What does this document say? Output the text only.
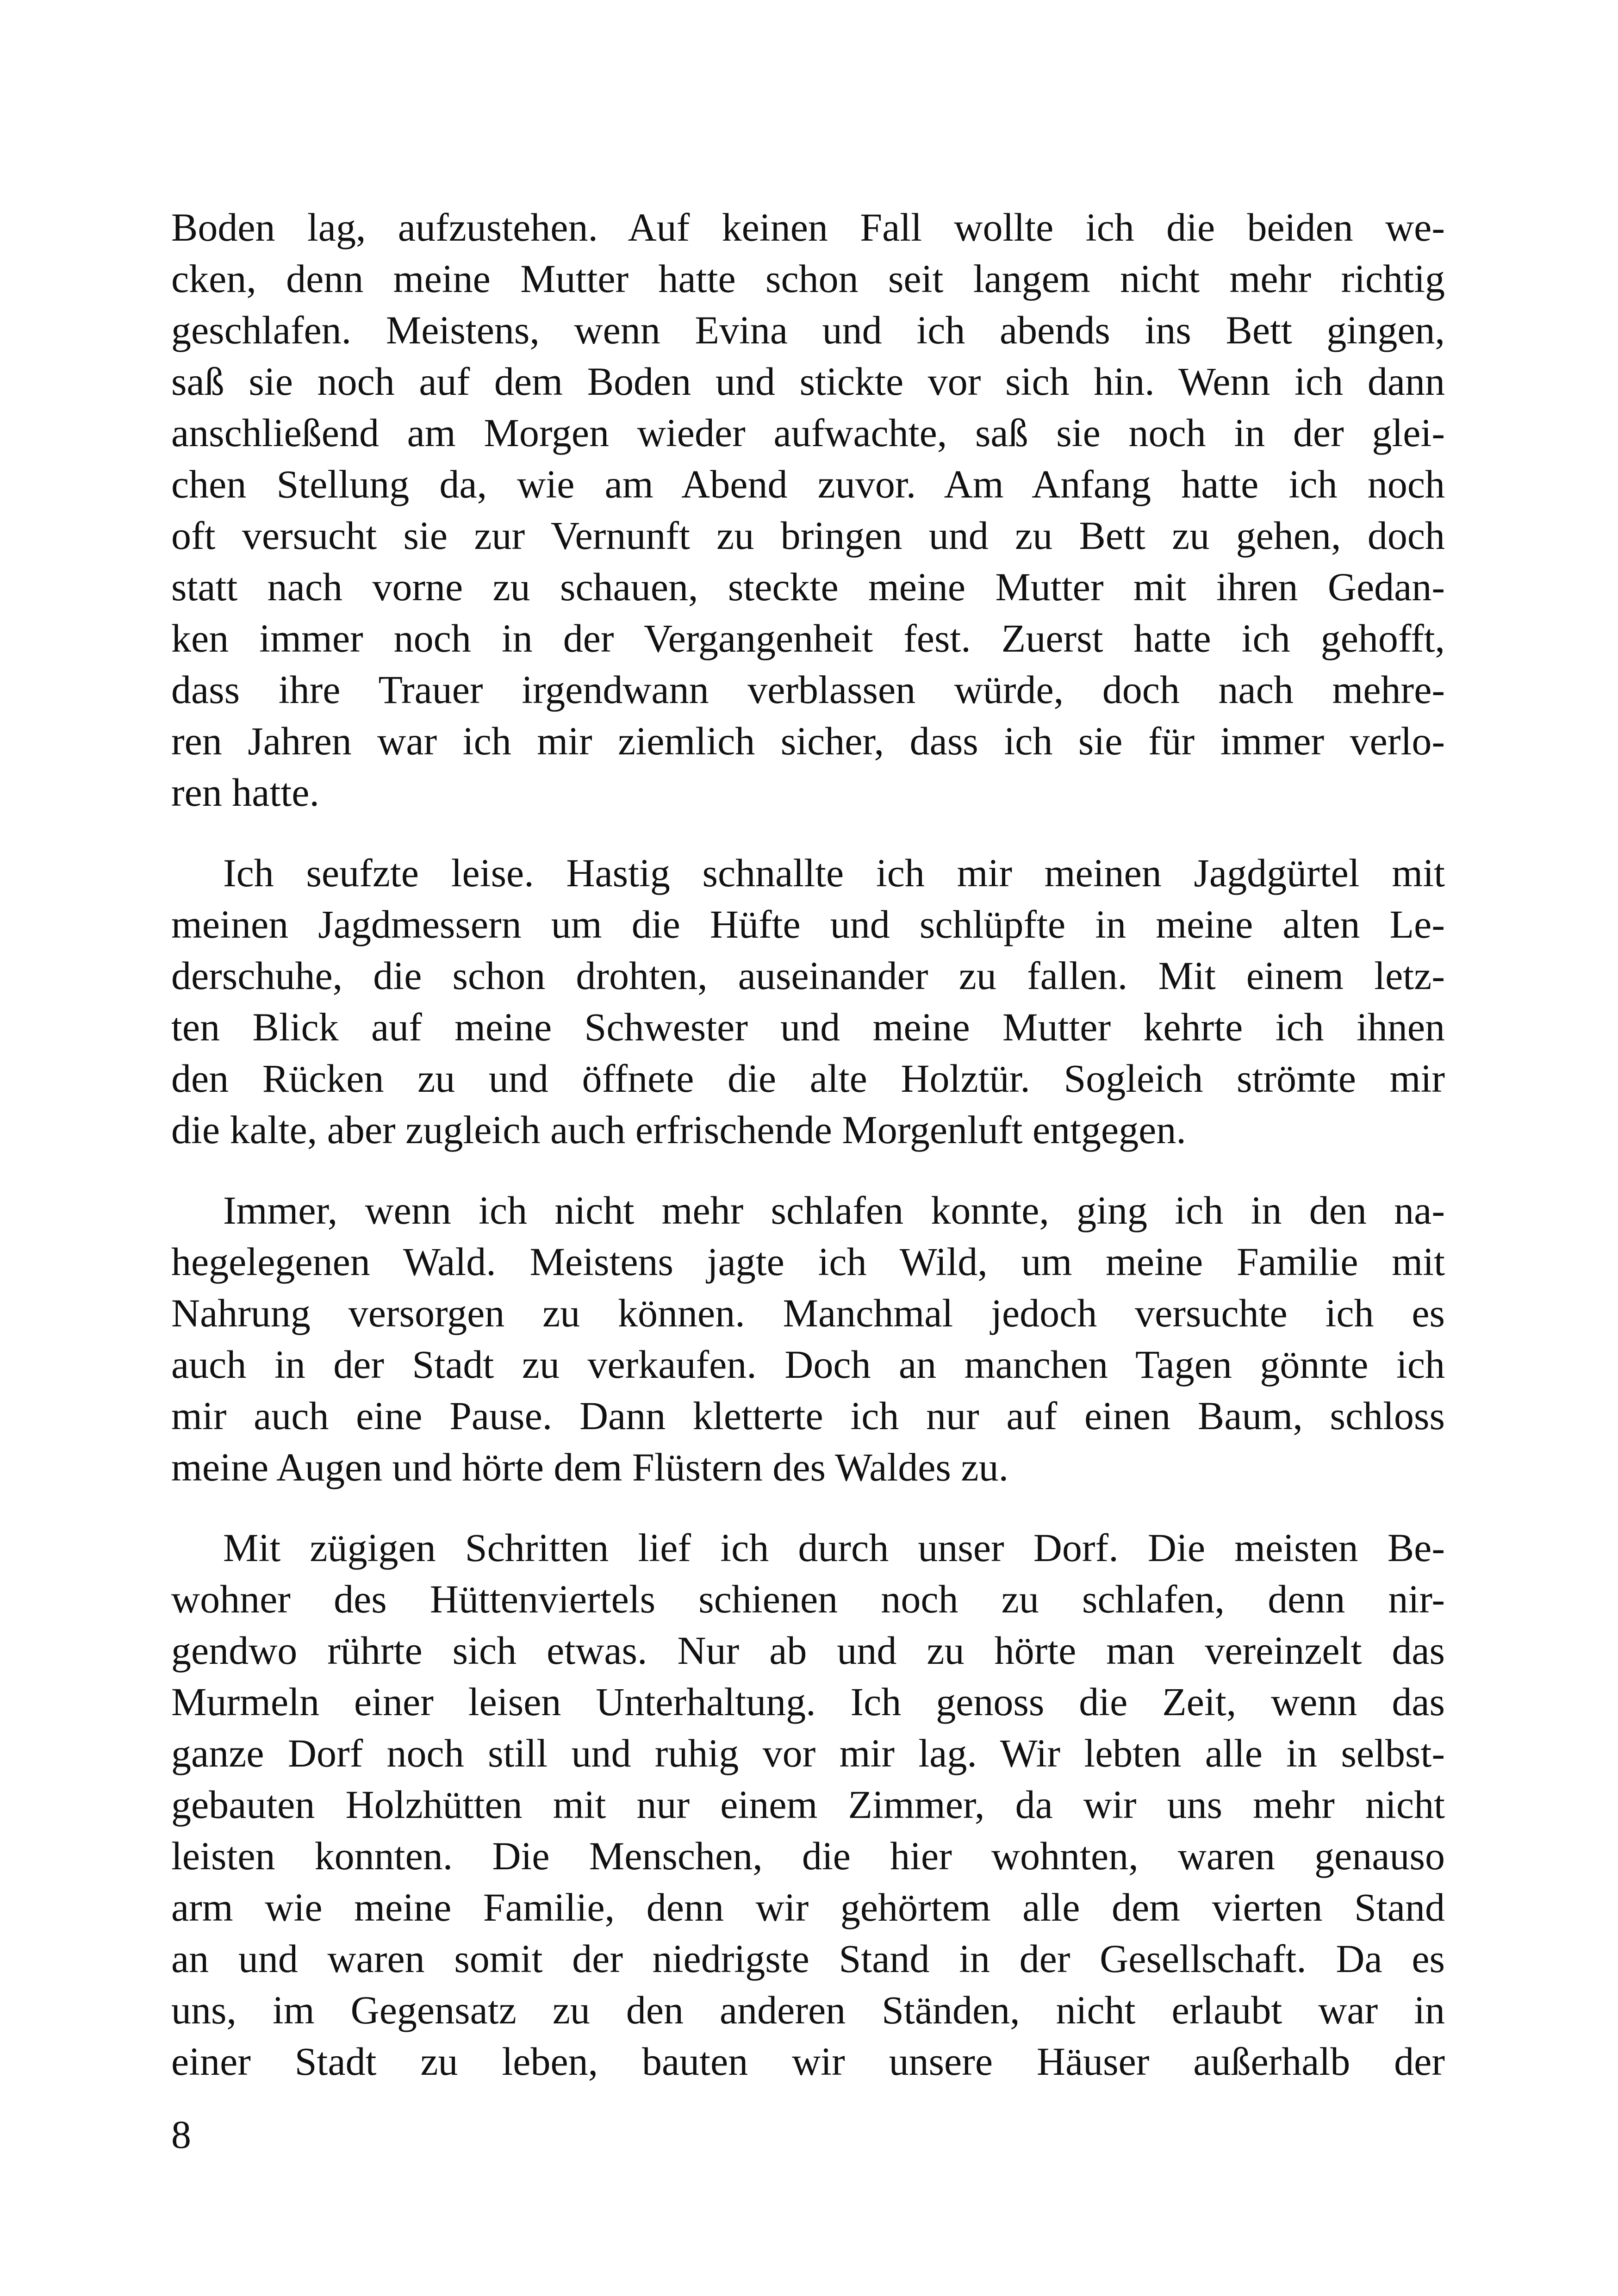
Boden lag, aufzustehen. Auf keinen Fall wollte ich die beiden we-
cken, denn meine Mutter hatte schon seit langem nicht mehr richtig
geschlafen. Meistens, wenn Evina und ich abends ins Bett gingen,
saß sie noch auf dem Boden und stickte vor sich hin. Wenn ich dann
anschließend am Morgen wieder aufwachte, saß sie noch in der glei-
chen Stellung da, wie am Abend zuvor. Am Anfang hatte ich noch
oft versucht sie zur Vernunft zu bringen und zu Bett zu gehen, doch
statt nach vorne zu schauen, steckte meine Mutter mit ihren Gedan-
ken immer noch in der Vergangenheit fest. Zuerst hatte ich gehofft,
dass ihre Trauer irgendwann verblassen würde, doch nach mehre-
ren Jahren war ich mir ziemlich sicher, dass ich sie für immer verlo-
ren hatte.
Ich seufzte leise. Hastig schnallte ich mir meinen Jagdgürtel mit
meinen Jagdmessern um die Hüfte und schlüpfte in meine alten Le-
derschuhe, die schon drohten, auseinander zu fallen. Mit einem letz-
ten Blick auf meine Schwester und meine Mutter kehrte ich ihnen
den Rücken zu und öffnete die alte Holztür. Sogleich strömte mir
die kalte, aber zugleich auch erfrischende Morgenluft entgegen.
Immer, wenn ich nicht mehr schlafen konnte, ging ich in den na-
hegelegenen Wald. Meistens jagte ich Wild, um meine Familie mit
Nahrung versorgen zu können. Manchmal jedoch versuchte ich es
auch in der Stadt zu verkaufen. Doch an manchen Tagen gönnte ich
mir auch eine Pause. Dann kletterte ich nur auf einen Baum, schloss
meine Augen und hörte dem Flüstern des Waldes zu.
Mit zügigen Schritten lief ich durch unser Dorf. Die meisten Be-
wohner des Hüttenviertels schienen noch zu schlafen, denn nir-
gendwo rührte sich etwas. Nur ab und zu hörte man vereinzelt das
Murmeln einer leisen Unterhaltung. Ich genoss die Zeit, wenn das
ganze Dorf noch still und ruhig vor mir lag. Wir lebten alle in selbst-
gebauten Holzhütten mit nur einem Zimmer, da wir uns mehr nicht
leisten konnten. Die Menschen, die hier wohnten, waren genauso
arm wie meine Familie, denn wir gehörtem alle dem vierten Stand
an und waren somit der niedrigste Stand in der Gesellschaft. Da es
uns, im Gegensatz zu den anderen Ständen, nicht erlaubt war in
einer Stadt zu leben, bauten wir unsere Häuser außerhalb der
8
